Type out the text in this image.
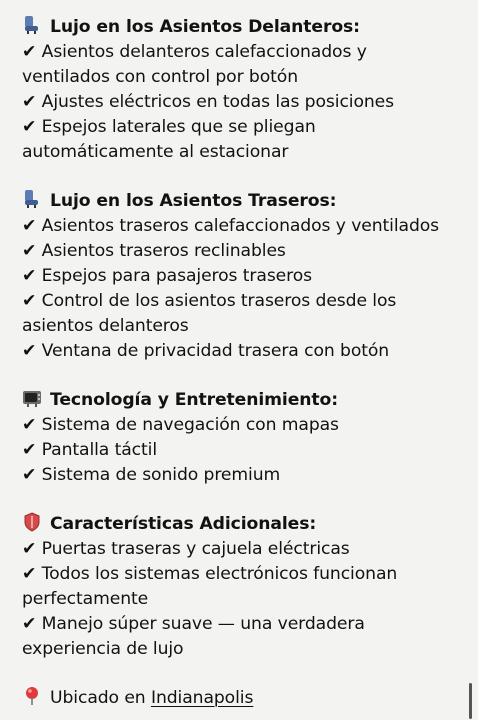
Lujo en los Asientos Delanteros:
✔ Asientos delanteros calefaccionados y
ventilados con control por botón
✔ Ajustes eléctricos en todas las posiciones
✔ Espejos laterales que se pliegan
automáticamente al estacionar
Lujo en los Asientos Traseros:
✔ Asientos traseros calefaccionados y ventilados
✔ Asientos traseros reclinables
✔ Espejos para pasajeros traseros
✔ Control de los asientos traseros desde los
asientos delanteros
✔ Ventana de privacidad trasera con botón
Tecnología y Entretenimiento:
✔ Sistema de navegación con mapas
✔ Pantalla táctil
✔ Sistema de sonido premium
Características Adicionales:
✔ Puertas traseras y cajuela eléctricas
✔ Todos los sistemas electrónicos funcionan
perfectamente
✔ Manejo súper suave — una verdadera
experiencia de lujo
Ubicado en Indianapolis
